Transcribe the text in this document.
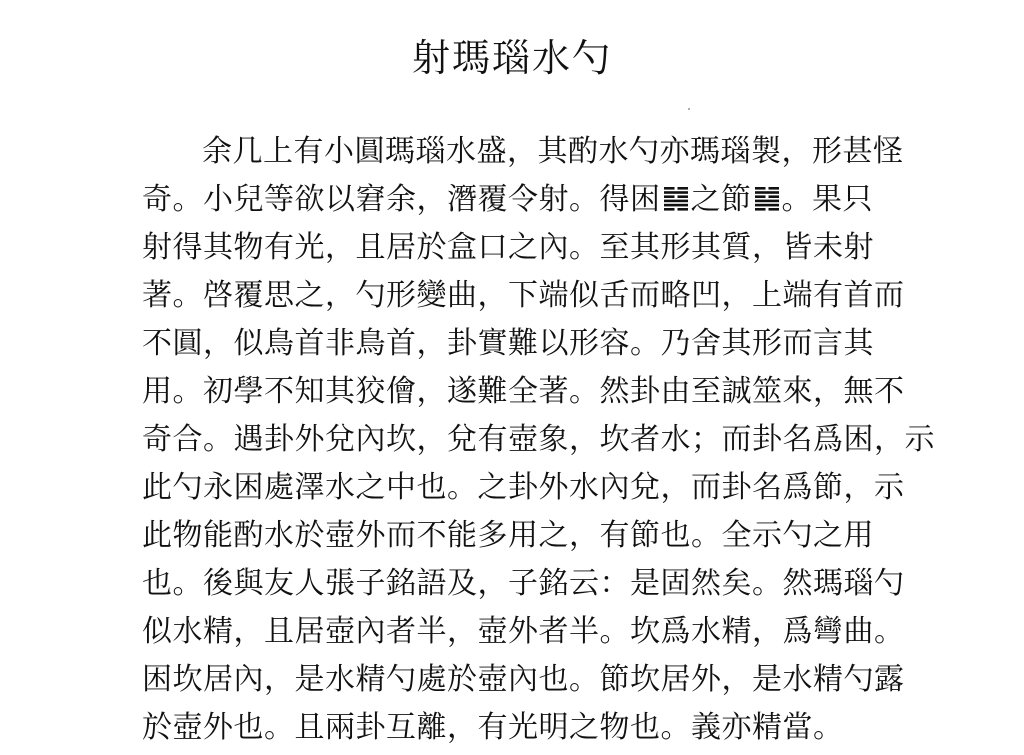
射瑪瑙水勺
余几上有小圓瑪瑙水盛，其酌水勺亦瑪瑙製，形甚怪
奇。小兒等欲以窘余，潛覆令射。得困 之節 。果只
射得其物有光，且居於盒口之內。至其形其質，皆未射
著。啓覆思之，勺形變曲，下端似舌而略凹，上端有首而
不圓，似鳥首非鳥首，卦實難以形容。乃舍其形而言其
用。初學不知其狡儈，遂難全著。然卦由至誠筮來，無不
奇合。遇卦外兌內坎，兌有壺象，坎者水；而卦名爲困，示
此勺永困處澤水之中也。之卦外水內兌，而卦名爲節，示
此物能酌水於壺外而不能多用之，有節也。全示勺之用
也。後與友人張子銘語及，子銘云：是固然矣。然瑪瑙勺
似水精，且居壺內者半，壺外者半。坎爲水精，爲彎曲。
困坎居內，是水精勺處於壺內也。節坎居外，是水精勺露
於壺外也。且兩卦互離，有光明之物也。義亦精當。
